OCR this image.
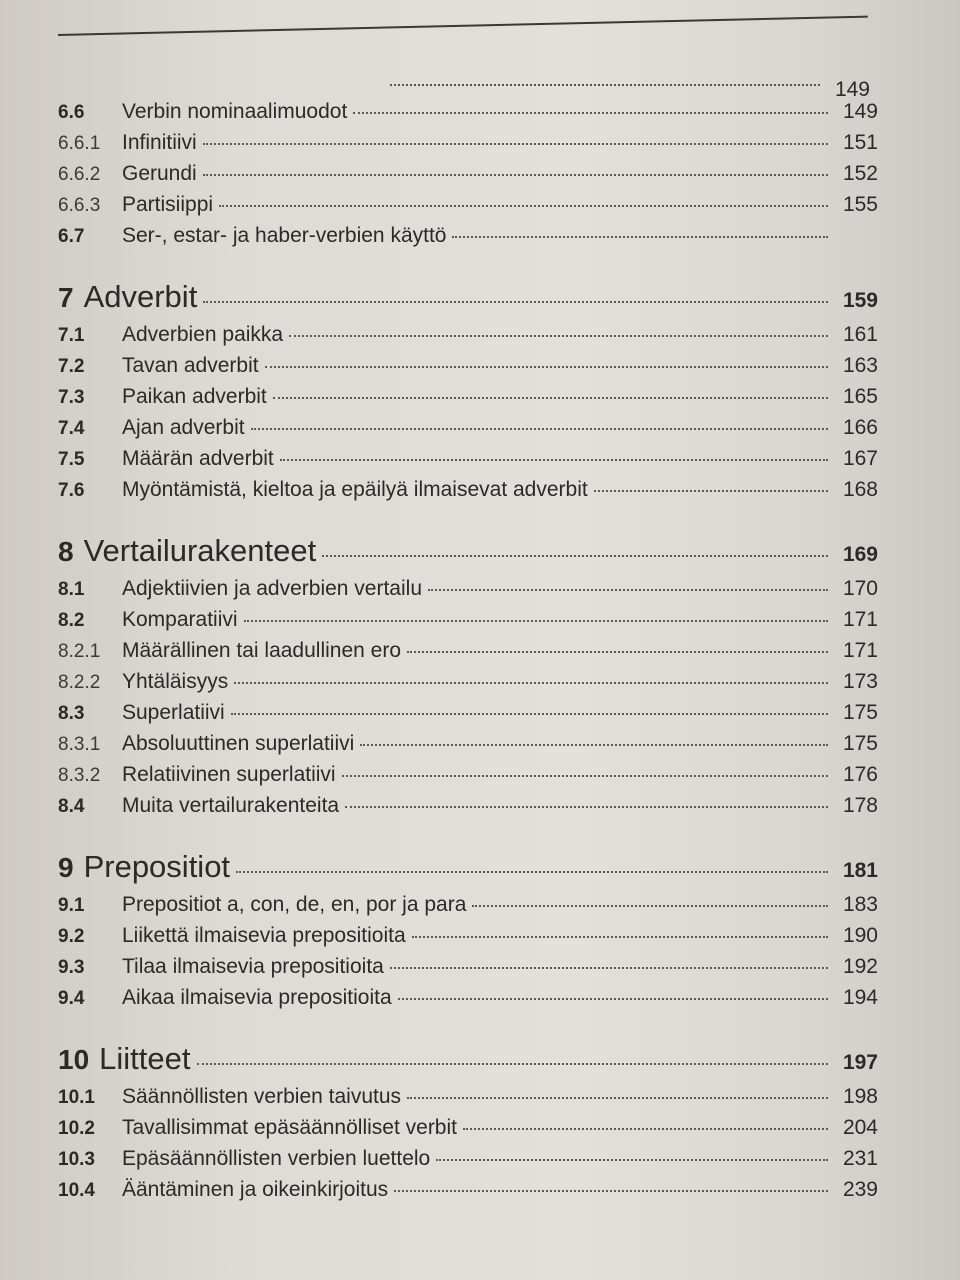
149
6.6	Verbin nominaalimuodot	149
6.6.1	Infinitiivi	151
6.6.2	Gerundi	152
6.6.3	Partisiippi	155
6.7	Ser-, estar- ja haber-verbien käyttö
7 Adverbit	159
7.1	Adverbien paikka	161
7.2	Tavan adverbit	163
7.3	Paikan adverbit	165
7.4	Ajan adverbit	166
7.5	Määrän adverbit	167
7.6	Myöntämistä, kieltoa ja epäilyä ilmaisevat adverbit	168
8 Vertailurakenteet	169
8.1	Adjektiivien ja adverbien vertailu	170
8.2	Komparatiivi	171
8.2.1	Määrällinen tai laadullinen ero	171
8.2.2	Yhtäläisyys	173
8.3	Superlatiivi	175
8.3.1	Absoluuttinen superlatiivi	175
8.3.2	Relatiivinen superlatiivi	176
8.4	Muita vertailurakenteita	178
9 Prepositiot	181
9.1	Prepositiot a, con, de, en, por ja para	183
9.2	Liikettä ilmaisevia prepositioita	190
9.3	Tilaa ilmaisevia prepositioita	192
9.4	Aikaa ilmaisevia prepositioita	194
10 Liitteet	197
10.1	Säännöllisten verbien taivutus	198
10.2	Tavallisimmat epäsäännölliset verbit	204
10.3	Epäsäännöllisten verbien luettelo	231
10.4	Ääntäminen ja oikeinkirjoitus	239
